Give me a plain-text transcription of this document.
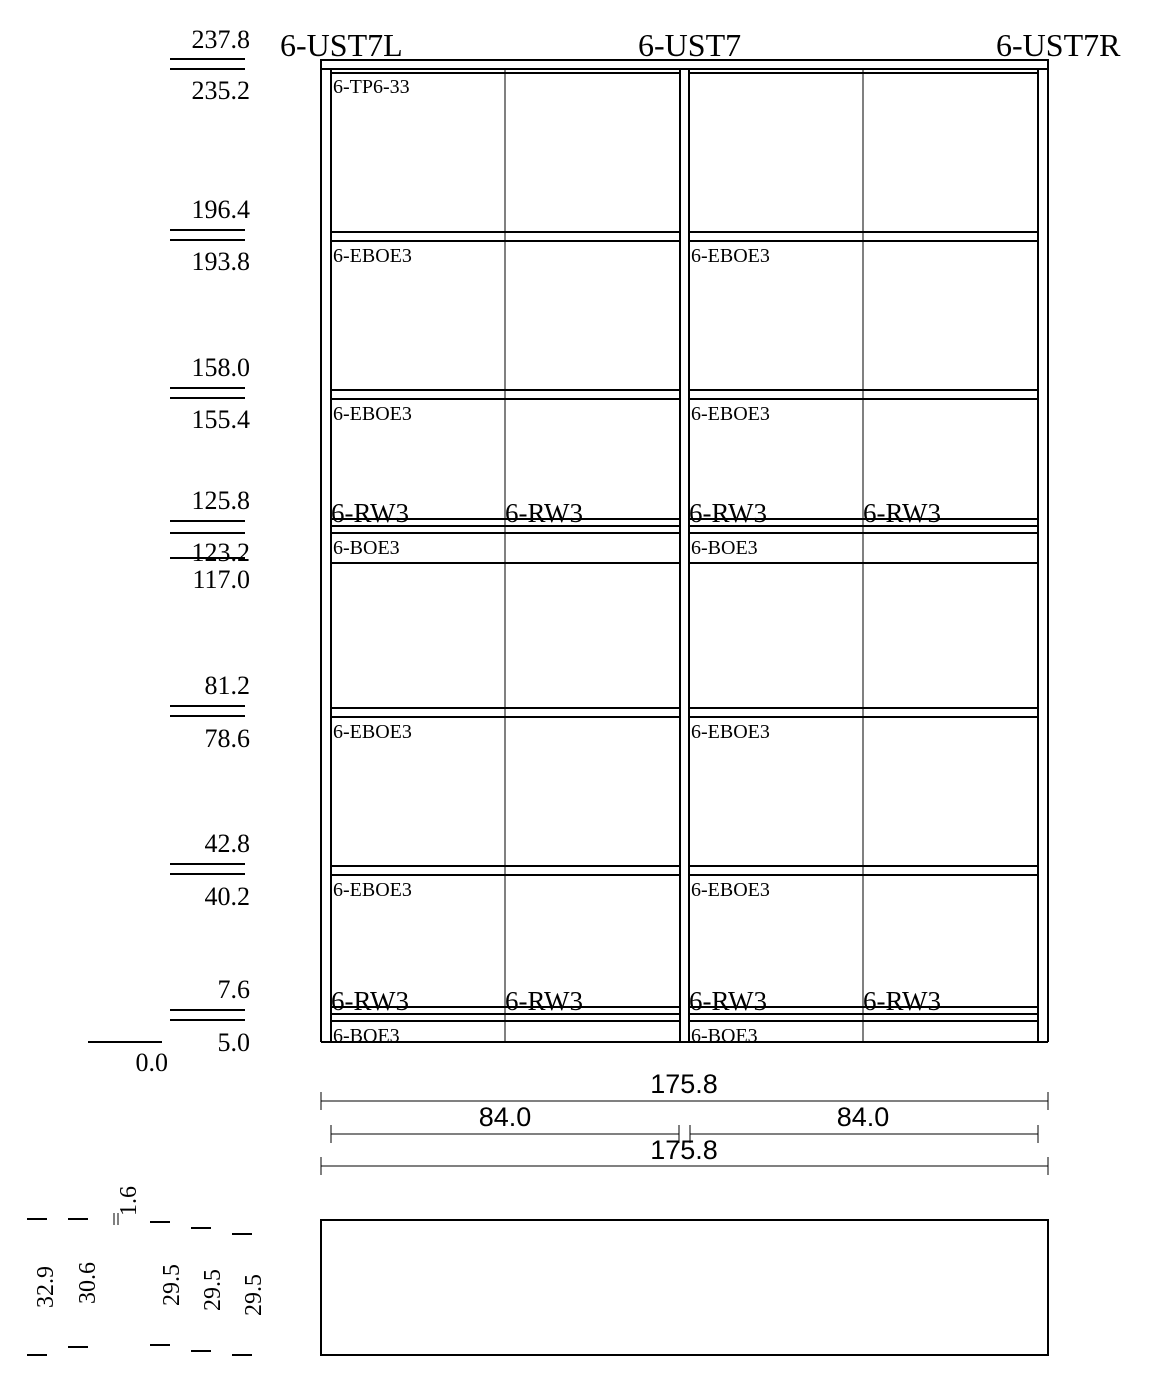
6-UST7L	6-UST7	6-UST7R
237.8
235.2
196.4
193.8
158.0
155.4
125.8
123.2
117.0
81.2
78.6
42.8
40.2
7.6
5.0
0.0
6-TP6-33
6-EBOE3	6-EBOE3
6-EBOE3	6-EBOE3
6-EBOE3	6-EBOE3
6-EBOE3	6-EBOE3
6-RW3	6-RW3	6-RW3	6-RW3
6-RW3	6-RW3	6-RW3	6-RW3
6-BOE3	6-BOE3
6-BOE3	6-BOE3
175.8
84.0	84.0
175.8
32.9 30.6
1.6
29.5 29.5 29.5
